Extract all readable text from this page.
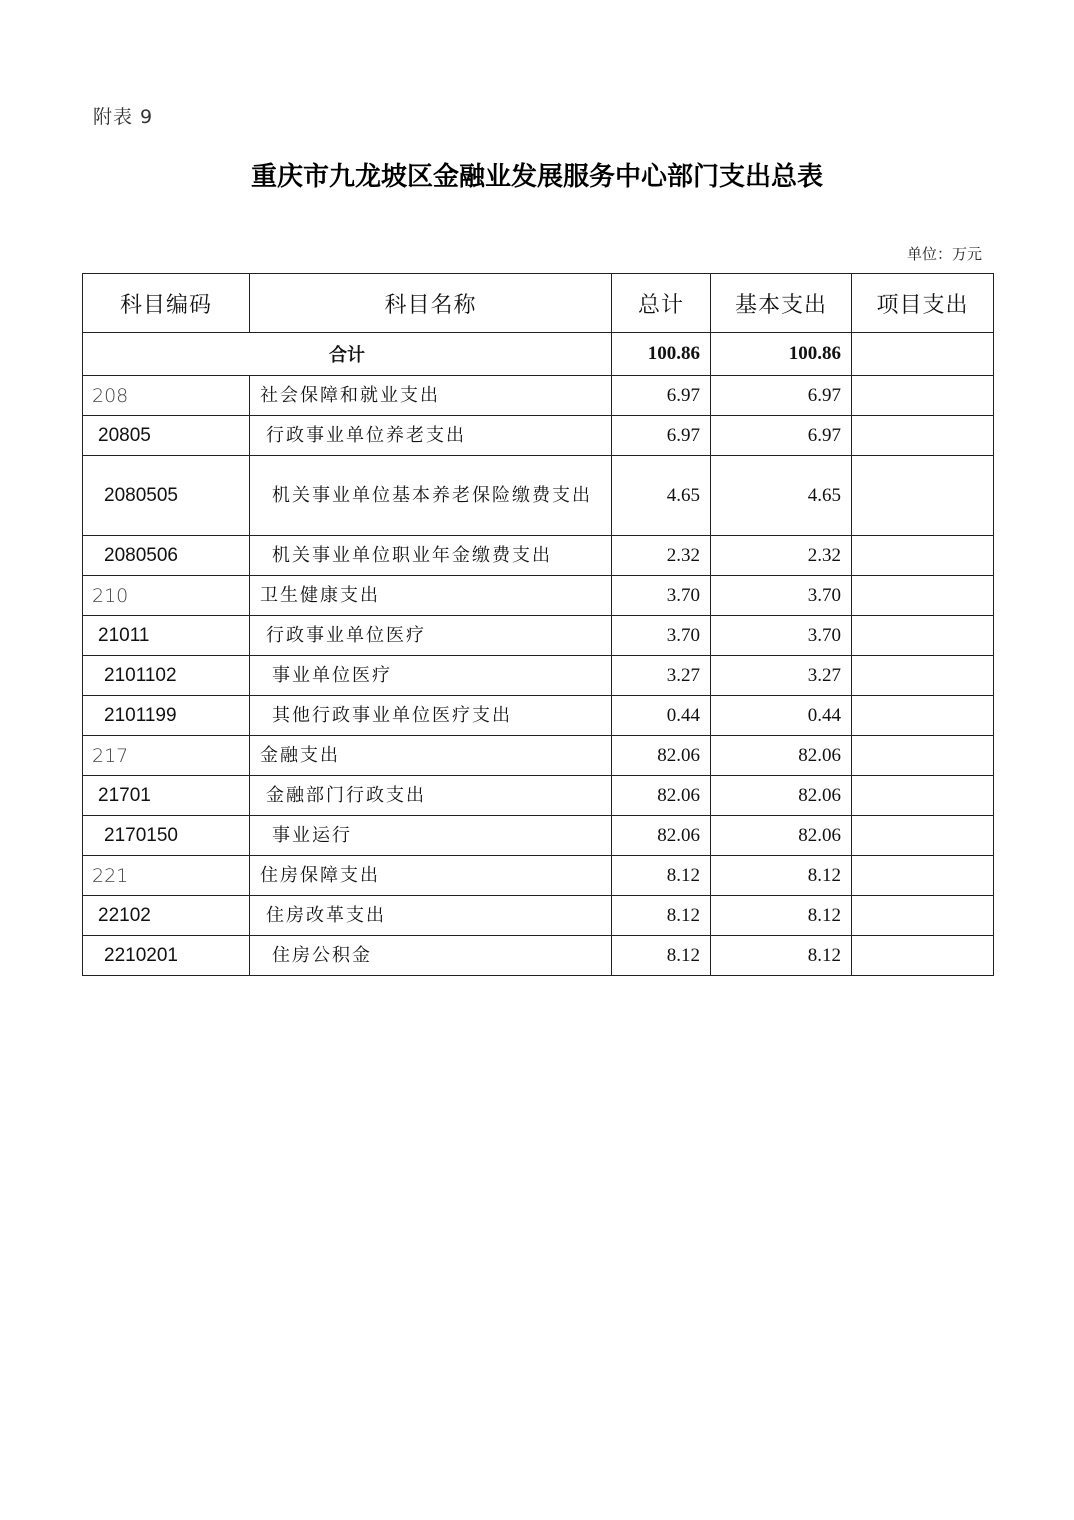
附表 9
重庆市九龙坡区金融业发展服务中心部门支出总表
单位：万元
科目编码	科目名称	总计	基本支出	项目支出
合计		100.86	100.86	
208	社会保障和就业支出	6.97	6.97	
20805	行政事业单位养老支出	6.97	6.97	
2080505	机关事业单位基本养老保险缴费支出	4.65	4.65	
2080506	机关事业单位职业年金缴费支出	2.32	2.32	
210	卫生健康支出	3.70	3.70	
21011	行政事业单位医疗	3.70	3.70	
2101102	事业单位医疗	3.27	3.27	
2101199	其他行政事业单位医疗支出	0.44	0.44	
217	金融支出	82.06	82.06	
21701	金融部门行政支出	82.06	82.06	
2170150	事业运行	82.06	82.06	
221	住房保障支出	8.12	8.12	
22102	住房改革支出	8.12	8.12	
2210201	住房公积金	8.12	8.12	
